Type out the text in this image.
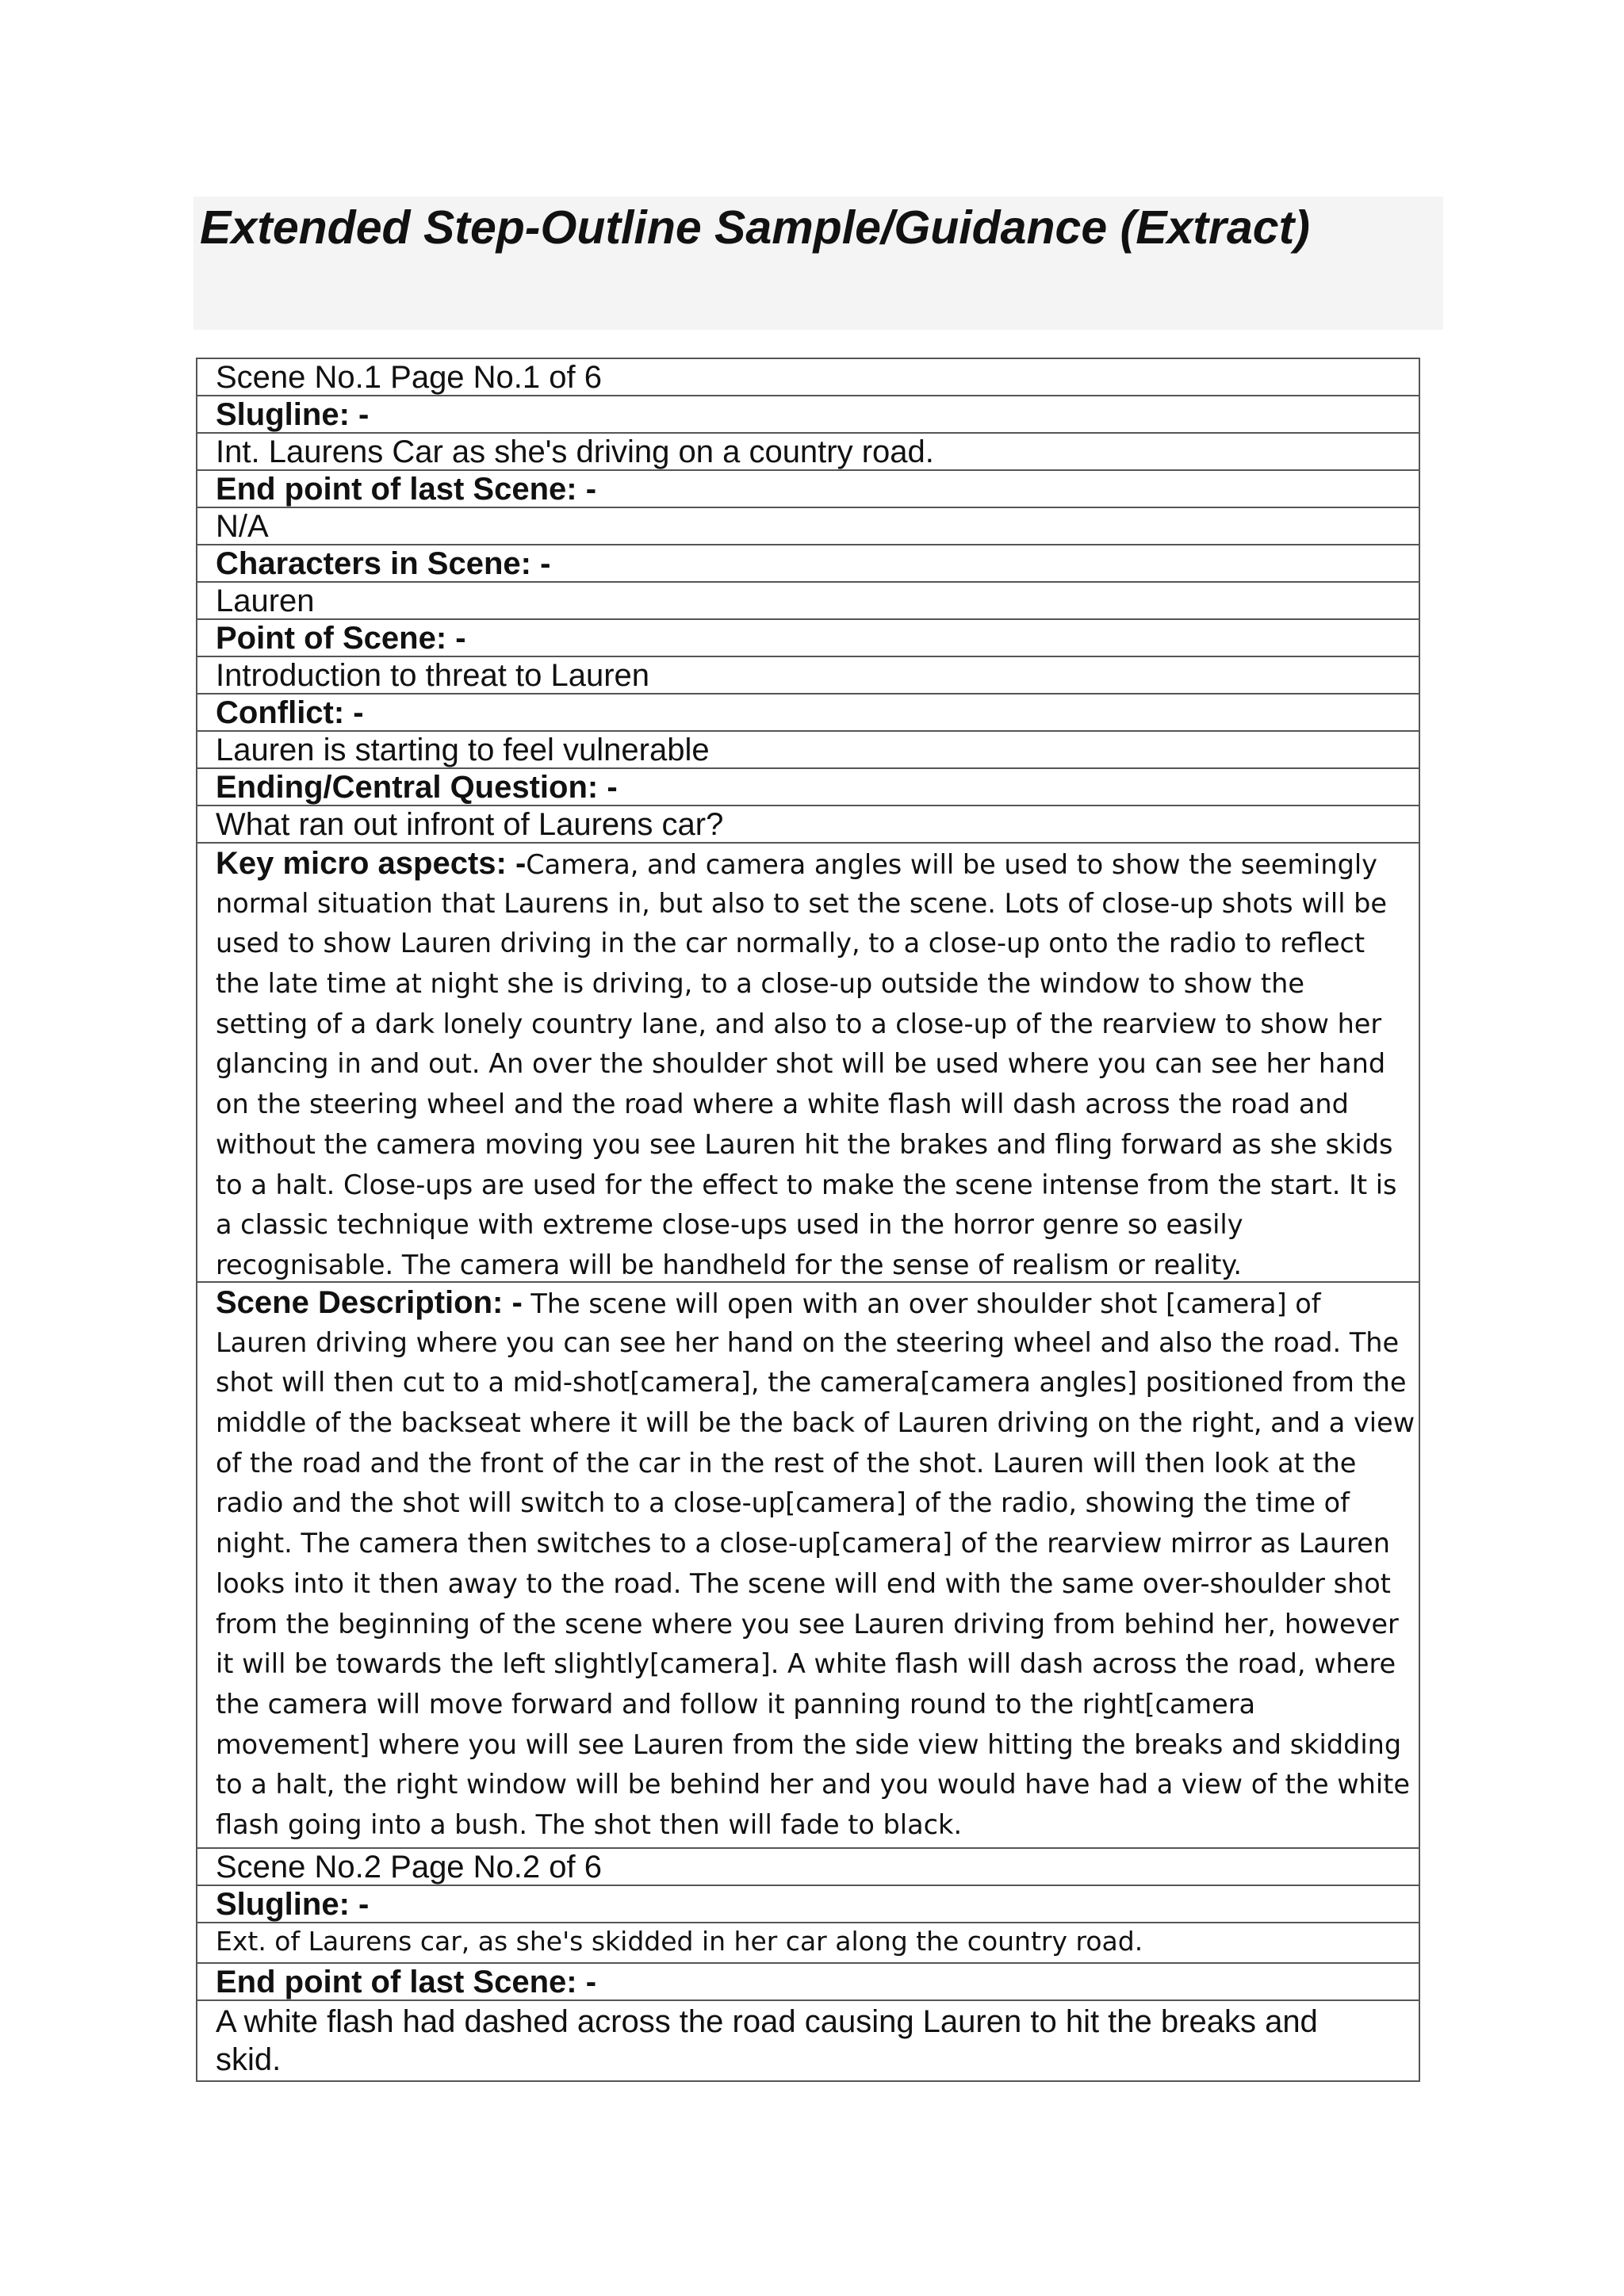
Extended Step-Outline Sample/Guidance (Extract)
Scene No.1 Page No.1 of 6
Slugline: -
Int. Laurens Car as she's driving on a country road.
End point of last Scene: -
N/A
Characters in Scene: -
Lauren
Point of Scene: -
Introduction to threat to Lauren
Conflict: -
Lauren is starting to feel vulnerable
Ending/Central Question: -
What ran out infront of Laurens car?
Key micro aspects: -Camera, and camera angles will be used to show the seemingly
normal situation that Laurens in, but also to set the scene. Lots of close-up shots will be
used to show Lauren driving in the car normally, to a close-up onto the radio to reflect
the late time at night she is driving, to a close-up outside the window to show the
setting of a dark lonely country lane, and also to a close-up of the rearview to show her
glancing in and out. An over the shoulder shot will be used where you can see her hand
on the steering wheel and the road where a white flash will dash across the road and
without the camera moving you see Lauren hit the brakes and fling forward as she skids
to a halt. Close-ups are used for the effect to make the scene intense from the start. It is
a classic technique with extreme close-ups used in the horror genre so easily
recognisable. The camera will be handheld for the sense of realism or reality.
Scene Description: - The scene will open with an over shoulder shot [camera] of
Lauren driving where you can see her hand on the steering wheel and also the road. The
shot will then cut to a mid-shot[camera], the camera[camera angles] positioned from the
middle of the backseat where it will be the back of Lauren driving on the right, and a view
of the road and the front of the car in the rest of the shot. Lauren will then look at the
radio and the shot will switch to a close-up[camera] of the radio, showing the time of
night. The camera then switches to a close-up[camera] of the rearview mirror as Lauren
looks into it then away to the road. The scene will end with the same over-shoulder shot
from the beginning of the scene where you see Lauren driving from behind her, however
it will be towards the left slightly[camera]. A white flash will dash across the road, where
the camera will move forward and follow it panning round to the right[camera
movement] where you will see Lauren from the side view hitting the breaks and skidding
to a halt, the right window will be behind her and you would have had a view of the white
flash going into a bush. The shot then will fade to black.
Scene No.2 Page No.2 of 6
Slugline: -
Ext. of Laurens car, as she's skidded in her car along the country road.
End point of last Scene: -
A white flash had dashed across the road causing Lauren to hit the breaks and skid.
